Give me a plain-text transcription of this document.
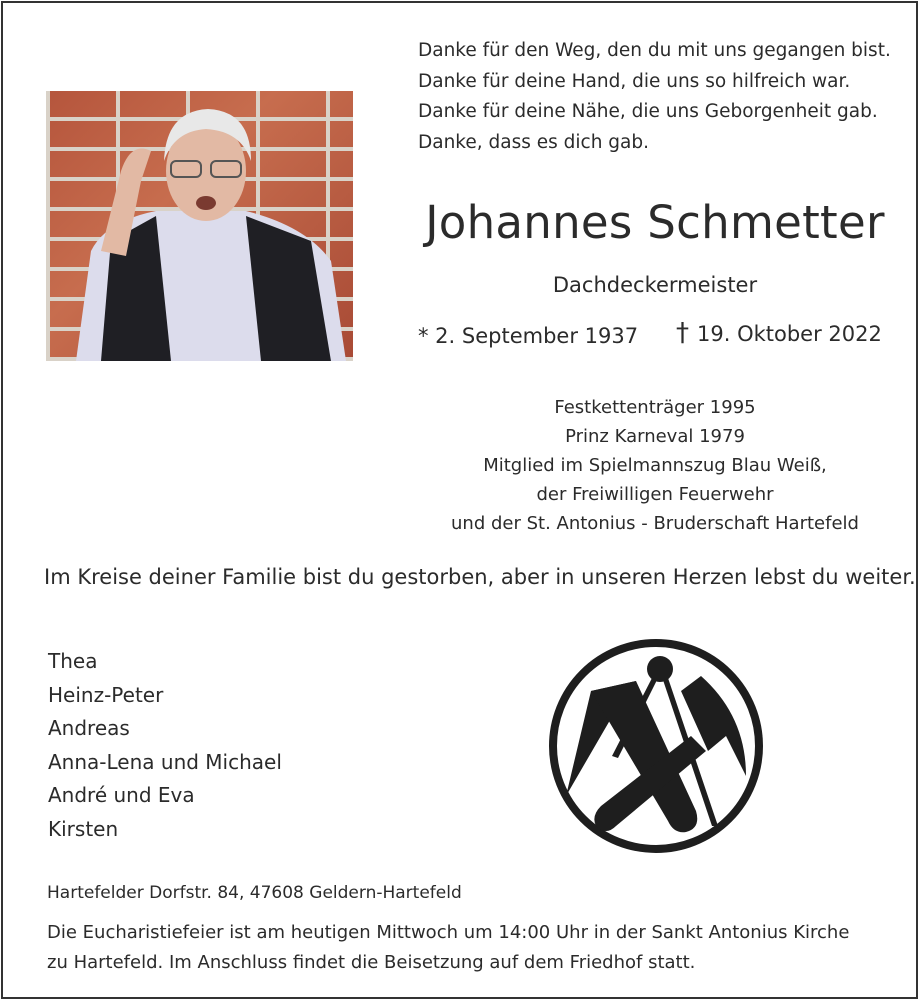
Danke für den Weg, den du mit uns gegangen bist.
Danke für deine Hand, die uns so hilfreich war.
Danke für deine Nähe, die uns Geborgenheit gab.
Danke, dass es dich gab.
Johannes Schmetter
Dachdeckermeister
* 2. September 1937 † 19. Oktober 2022
Festkettenträger 1995
Prinz Karneval 1979
Mitglied im Spielmannszug Blau Weiß,
der Freiwilligen Feuerwehr
und der St. Antonius - Bruderschaft Hartefeld
Im Kreise deiner Familie bist du gestorben, aber in unseren Herzen lebst du weiter.
Thea
Heinz-Peter
Andreas
Anna-Lena und Michael
André und Eva
Kirsten
Hartefelder Dorfstr. 84, 47608 Geldern-Hartefeld
Die Eucharistiefeier ist am heutigen Mittwoch um 14:00 Uhr in der Sankt Antonius Kirche
zu Hartefeld. Im Anschluss findet die Beisetzung auf dem Friedhof statt.
